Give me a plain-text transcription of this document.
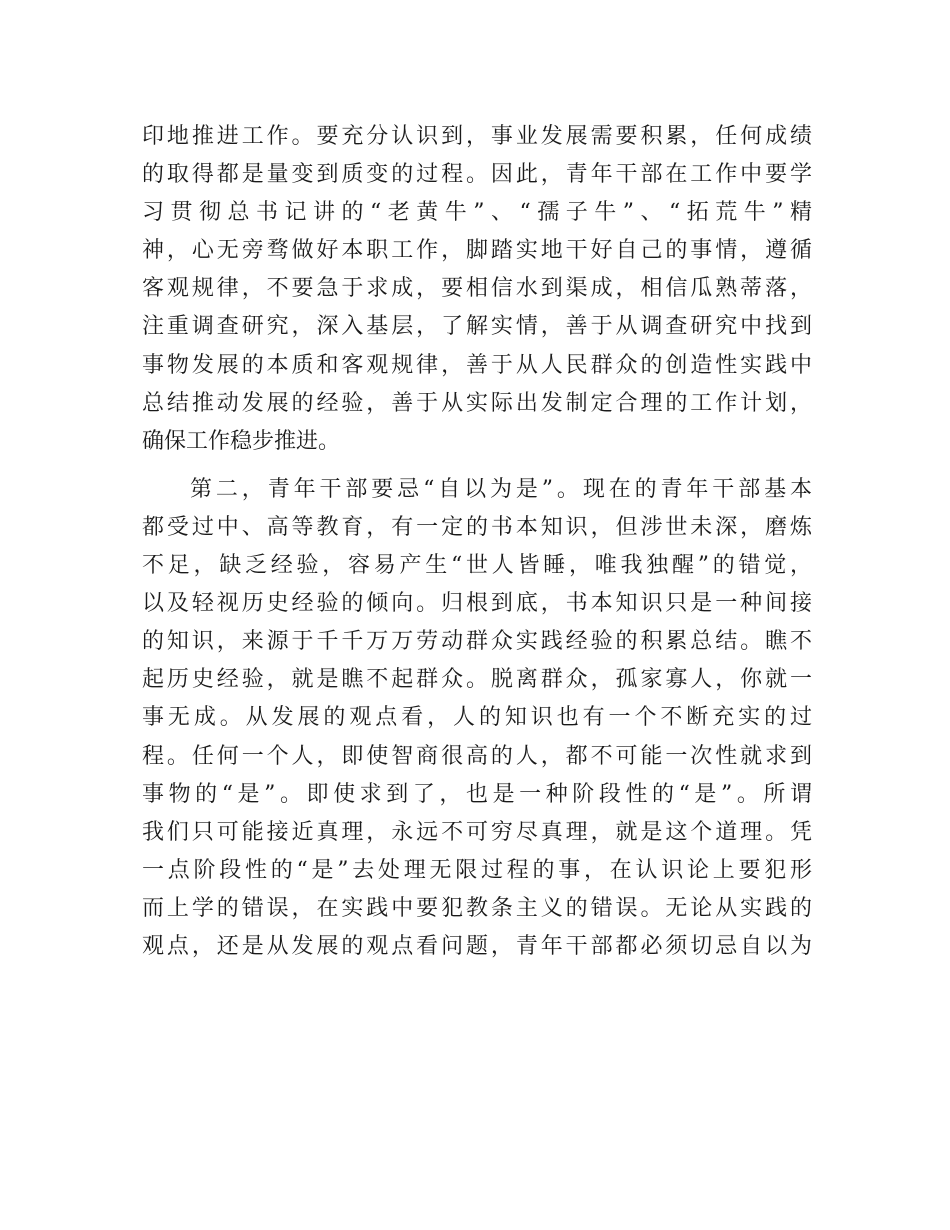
印地推进工作。要充分认识到，事业发展需要积累，任何成绩
的取得都是量变到质变的过程。因此，青年干部在工作中要学
习贯彻总书记讲的“老黄牛”、“孺子牛”、“拓荒牛”精
神，心无旁骛做好本职工作，脚踏实地干好自己的事情，遵循
客观规律，不要急于求成，要相信水到渠成，相信瓜熟蒂落，
注重调查研究，深入基层，了解实情，善于从调查研究中找到
事物发展的本质和客观规律，善于从人民群众的创造性实践中
总结推动发展的经验，善于从实际出发制定合理的工作计划，
确保工作稳步推进。
第二，青年干部要忌“自以为是”。现在的青年干部基本
都受过中、高等教育，有一定的书本知识，但涉世未深，磨炼
不足，缺乏经验，容易产生“世人皆睡，唯我独醒”的错觉，
以及轻视历史经验的倾向。归根到底，书本知识只是一种间接
的知识，来源于千千万万劳动群众实践经验的积累总结。瞧不
起历史经验，就是瞧不起群众。脱离群众，孤家寡人，你就一
事无成。从发展的观点看，人的知识也有一个不断充实的过
程。任何一个人，即使智商很高的人，都不可能一次性就求到
事物的“是”。即使求到了，也是一种阶段性的“是”。所谓
我们只可能接近真理，永远不可穷尽真理，就是这个道理。凭
一点阶段性的“是”去处理无限过程的事，在认识论上要犯形
而上学的错误，在实践中要犯教条主义的错误。无论从实践的
观点，还是从发展的观点看问题，青年干部都必须切忌自以为
